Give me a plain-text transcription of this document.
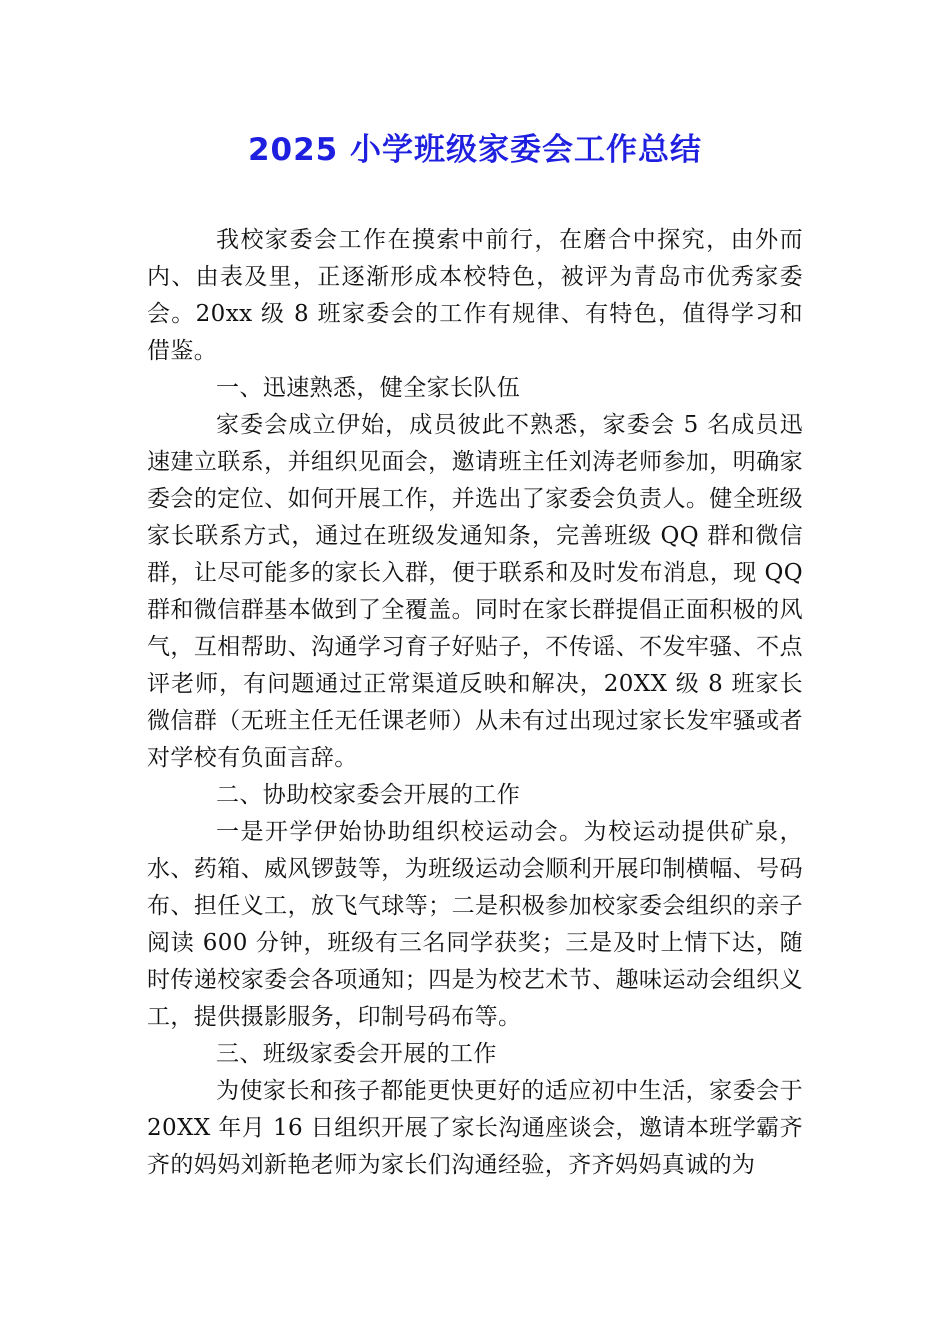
2025 小学班级家委会工作总结

我校家委会工作在摸索中前行，在磨合中探究，由外而内、由表及里，正逐渐形成本校特色，被评为青岛市优秀家委会。20xx 级 8 班家委会的工作有规律、有特色，值得学习和借鉴。

一、迅速熟悉，健全家长队伍

家委会成立伊始，成员彼此不熟悉，家委会 5 名成员迅速建立联系，并组织见面会，邀请班主任刘涛老师参加，明确家委会的定位、如何开展工作，并选出了家委会负责人。健全班级家长联系方式，通过在班级发通知条，完善班级 QQ 群和微信群，让尽可能多的家长入群，便于联系和及时发布消息，现 QQ 群和微信群基本做到了全覆盖。同时在家长群提倡正面积极的风气，互相帮助、沟通学习育子好贴子，不传谣、不发牢骚、不点评老师，有问题通过正常渠道反映和解决，20XX 级 8 班家长微信群（无班主任无任课老师）从未有过出现过家长发牢骚或者对学校有负面言辞。

二、协助校家委会开展的工作

一是开学伊始协助组织校运动会。为校运动提供矿泉，水、药箱、威风锣鼓等，为班级运动会顺利开展印制横幅、号码布、担任义工，放飞气球等；二是积极参加校家委会组织的亲子阅读 600 分钟，班级有三名同学获奖；三是及时上情下达，随时传递校家委会各项通知；四是为校艺术节、趣味运动会组织义工，提供摄影服务，印制号码布等。

三、班级家委会开展的工作

为使家长和孩子都能更快更好的适应初中生活，家委会于 20XX 年月 16 日组织开展了家长沟通座谈会，邀请本班学霸齐齐的妈妈刘新艳老师为家长们沟通经验，齐齐妈妈真诚的为
